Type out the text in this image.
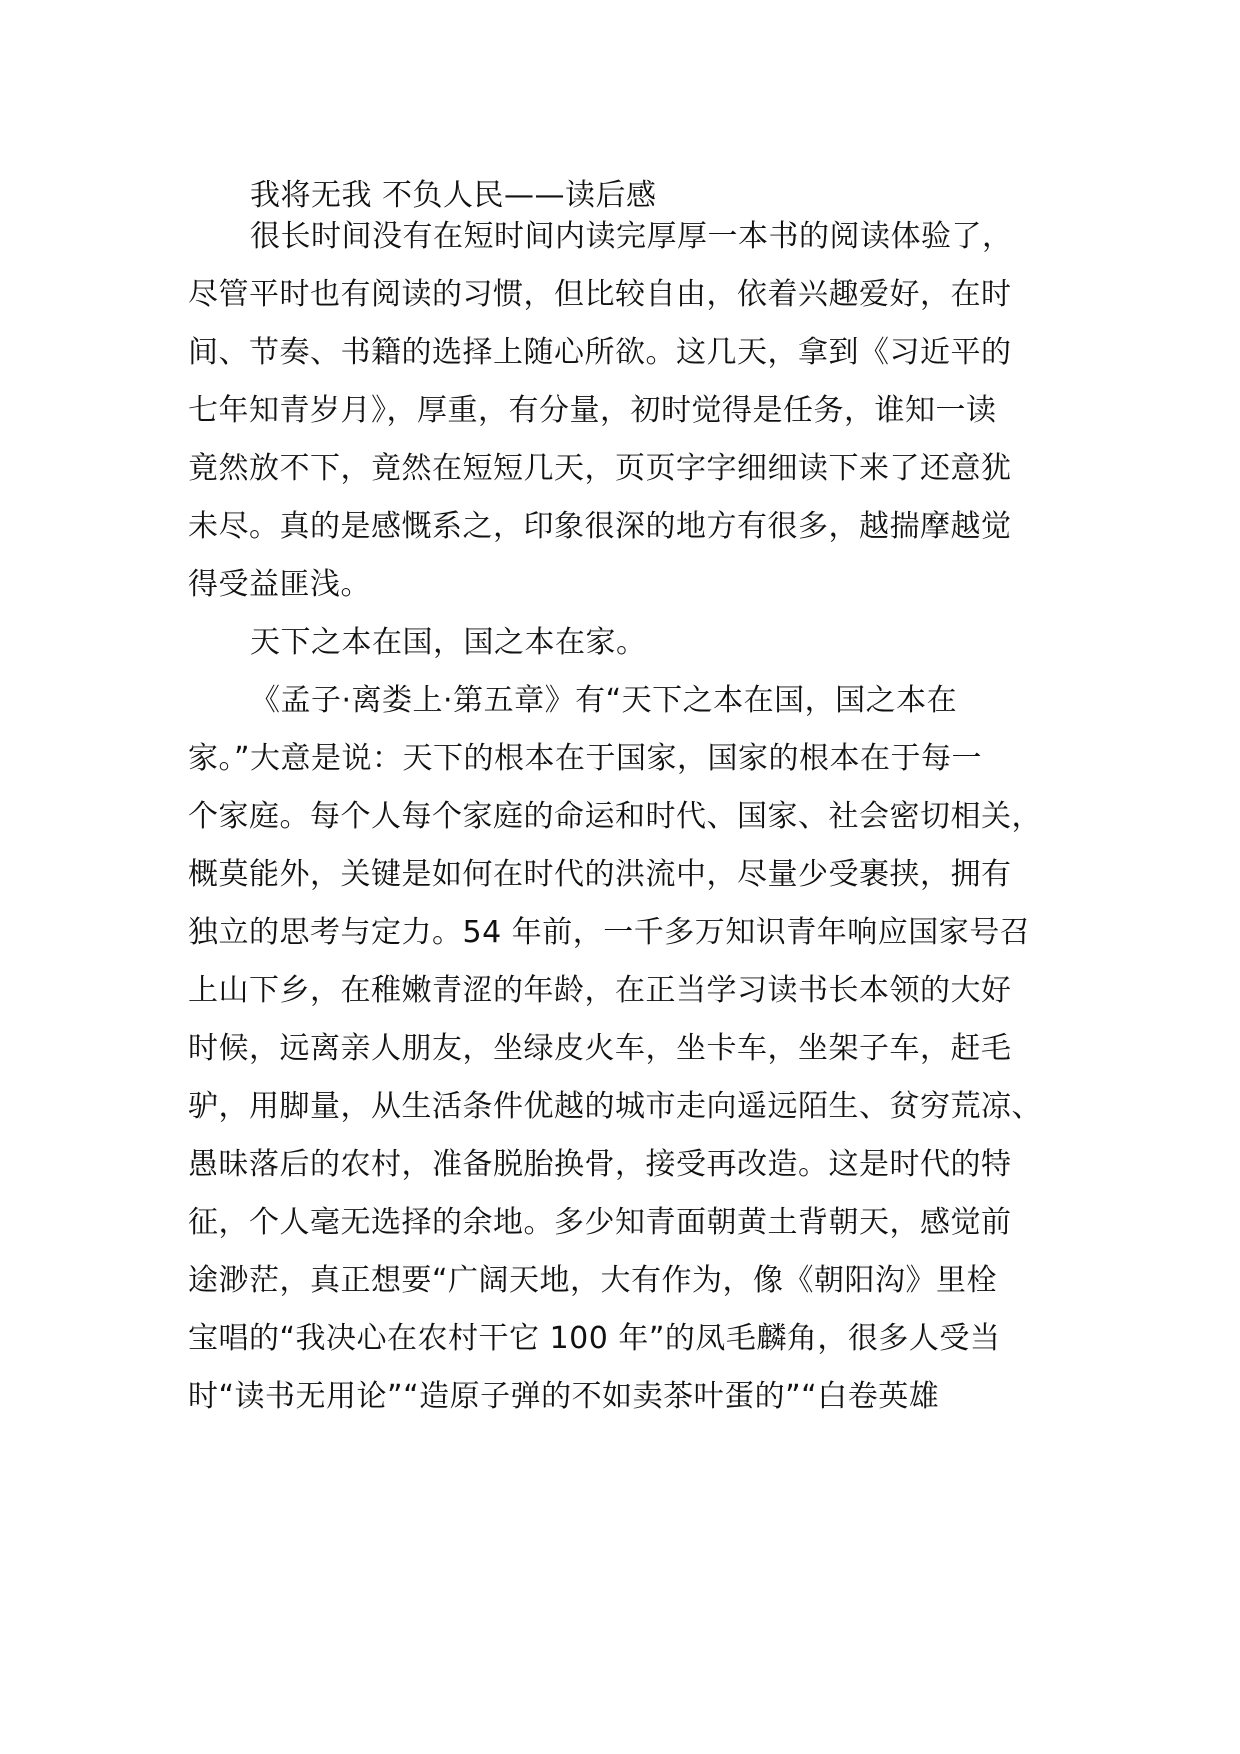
我将无我 不负人民——读后感
很长时间没有在短时间内读完厚厚一本书的阅读体验了，
尽管平时也有阅读的习惯，但比较自由，依着兴趣爱好，在时
间、节奏、书籍的选择上随心所欲。这几天，拿到《习近平的
七年知青岁月》，厚重，有分量，初时觉得是任务，谁知一读
竟然放不下，竟然在短短几天，页页字字细细读下来了还意犹
未尽。真的是感慨系之，印象很深的地方有很多，越揣摩越觉
得受益匪浅。
天下之本在国，国之本在家。
《孟子·离娄上·第五章》有“天下之本在国，国之本在
家。”大意是说：天下的根本在于国家，国家的根本在于每一
个家庭。每个人每个家庭的命运和时代、国家、社会密切相关，
概莫能外，关键是如何在时代的洪流中，尽量少受裹挟，拥有
独立的思考与定力。54 年前，一千多万知识青年响应国家号召
上山下乡，在稚嫩青涩的年龄，在正当学习读书长本领的大好
时候，远离亲人朋友，坐绿皮火车，坐卡车，坐架子车，赶毛
驴，用脚量，从生活条件优越的城市走向遥远陌生、贫穷荒凉、
愚昧落后的农村，准备脱胎换骨，接受再改造。这是时代的特
征，个人毫无选择的余地。多少知青面朝黄土背朝天，感觉前
途渺茫，真正想要“广阔天地，大有作为，像《朝阳沟》里栓
宝唱的“我决心在农村干它 100 年”的凤毛麟角，很多人受当
时“读书无用论”“造原子弹的不如卖茶叶蛋的”“白卷英雄
